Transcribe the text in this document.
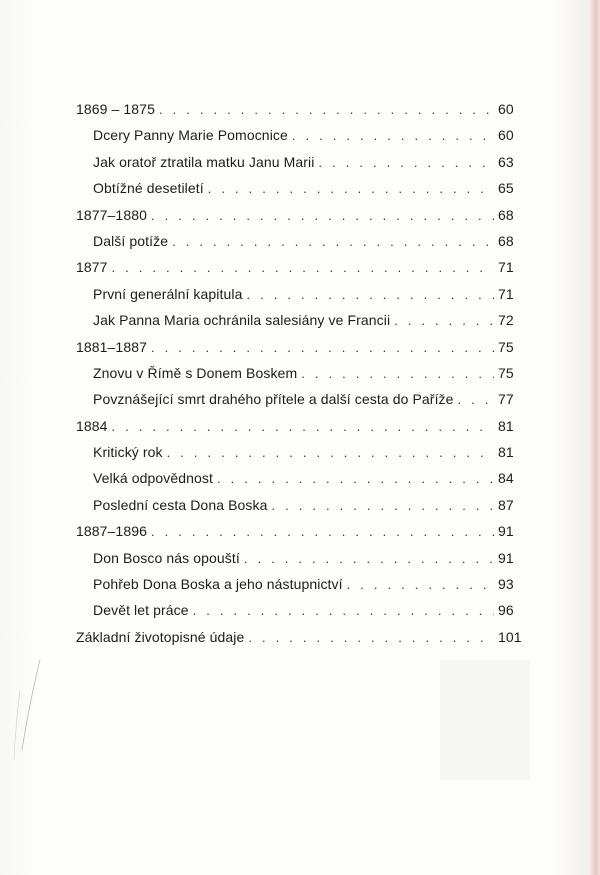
1869 – 1875 . . .	60
Dcery Panny Marie Pomocnice . . .	60
Jak oratoř ztratila matku Janu Marii . . .	63
Obtížné desetiletí . . .	65
1877–1880 . . .	68
Další potíže . . .	68
1877 . . .	71
První generální kapitula . . .	71
Jak Panna Maria ochránila salesiány ve Francii . . .	72
1881–1887 . . .	75
Znovu v Římě s Donem Boskem . . .	75
Povznášející smrt drahého přítele a další cesta do Paříže . . .	77
1884 . . .	81
Kritický rok . . .	81
Velká odpovědnost . . .	84
Poslední cesta Dona Boska . . .	87
1887–1896 . . .	91
Don Bosco nás opouští . . .	91
Pohřeb Dona Boska a jeho nástupnictví . . .	93
Devět let práce . . .	96
Základní životopisné údaje . . .	101
